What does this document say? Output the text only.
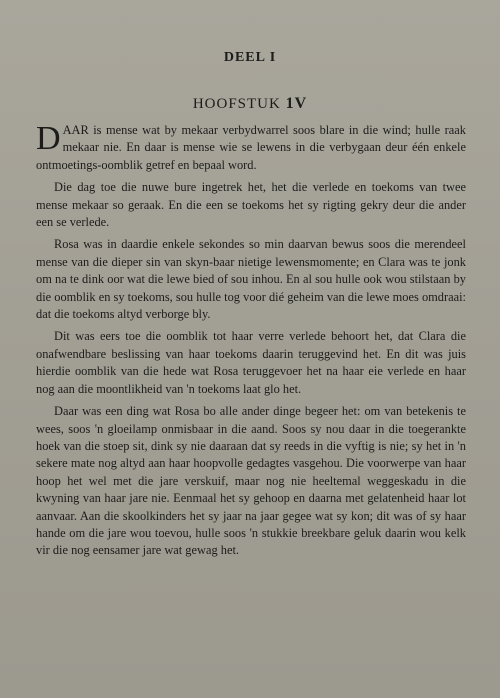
DEEL I
HOOFSTUK 1V

DAAR is mense wat by mekaar verbydwarrel soos blare in die wind; hulle raak mekaar nie. En daar is mense wie se lewens in die verbygaan deur één enkele ontmoetings-oomblik getref en bepaal word.

Die dag toe die nuwe bure ingetrek het, het die verlede en toekoms van twee mense mekaar so geraak. En die een se toekoms het sy rigting gekry deur die ander een se verlede.

Rosa was in daardie enkele sekondes so min daarvan bewus soos die merendeel mense van die dieper sin van skyn-baar nietige lewensmomente; en Clara was te jonk om na te dink oor wat die lewe bied of sou inhou. En al sou hulle ook wou stilstaan by die oomblik en sy toekoms, sou hulle tog voor dié geheim van die lewe moes omdraai: dat die toekoms altyd verborge bly.

Dit was eers toe die oomblik tot haar verre verlede behoort het, dat Clara die onafwendbare beslissing van haar toekoms daarin teruggevind het. En dit was juis hierdie oomblik van die hede wat Rosa teruggevoer het na haar eie verlede en haar nog aan die moontlikheid van 'n toekoms laat glo het.

Daar was een ding wat Rosa bo alle ander dinge begeer het: om van betekenis te wees, soos 'n gloeilamp onmisbaar in die aand. Soos sy nou daar in die toegerankte hoek van die stoep sit, dink sy nie daaraan dat sy reeds in die vyftig is nie; sy het in 'n sekere mate nog altyd aan haar hoopvolle gedagtes vasgehou. Die voorwerpe van haar hoop het wel met die jare verskuif, maar nog nie heeltemal weggeskadu in die kwyning van haar jare nie. Eenmaal het sy gehoop en daarna met gelatenheid haar lot aanvaar. Aan die skoolkinders het sy jaar na jaar gegee wat sy kon; dit was of sy haar hande om die jare wou toevou, hulle soos 'n stukkie breekbare geluk daarin wou kelk vir die nog eensamer jare wat gewag het.
